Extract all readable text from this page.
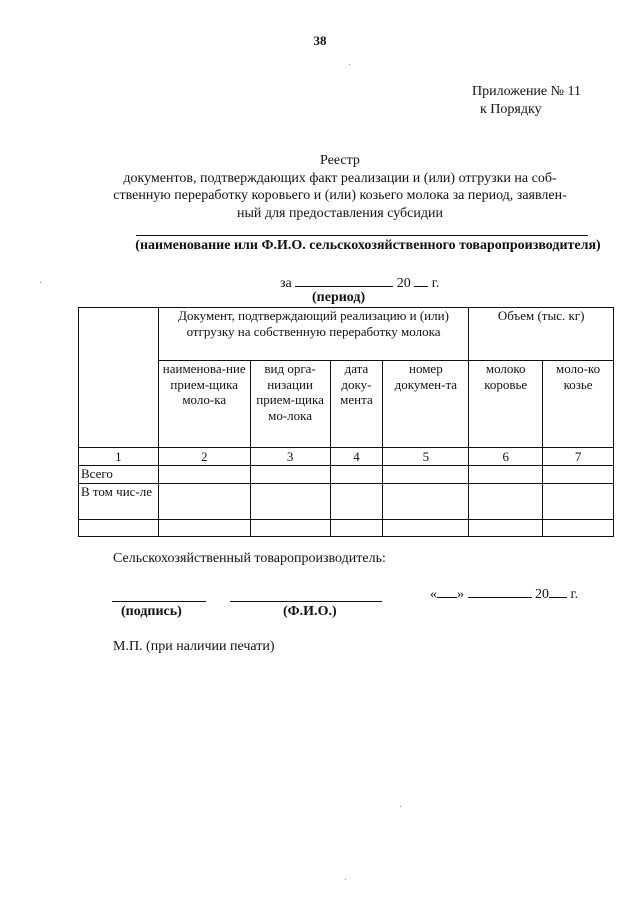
38
Приложение № 11
к Порядку
Реестр
документов, подтверждающих факт реализации и (или) отгрузки на соб-
ственную переработку коровьего и (или) козьего молока за период, заявлен-
ный для предоставления субсидии
(наименование или Ф.И.О. сельскохозяйственного товаропроизводителя)
за	20 г.
(период)
	Документ, подтверждающий реализацию и (или) отгрузку на собственную переработку молока				Объем (тыс. кг)	
	наименова-ние прием-щика моло-ка	вид орга-низации прием-щика мо-лока	дата доку-мента	номер докумен-та	молоко коровье	моло-ко козье
1	2	3	4	5	6	7
Всего						
В том чис-ле						

Сельскохозяйственный товаропроизводитель:
(подпись)	(Ф.И.О.)
« »	20 г.
М.П. (при наличии печати)
